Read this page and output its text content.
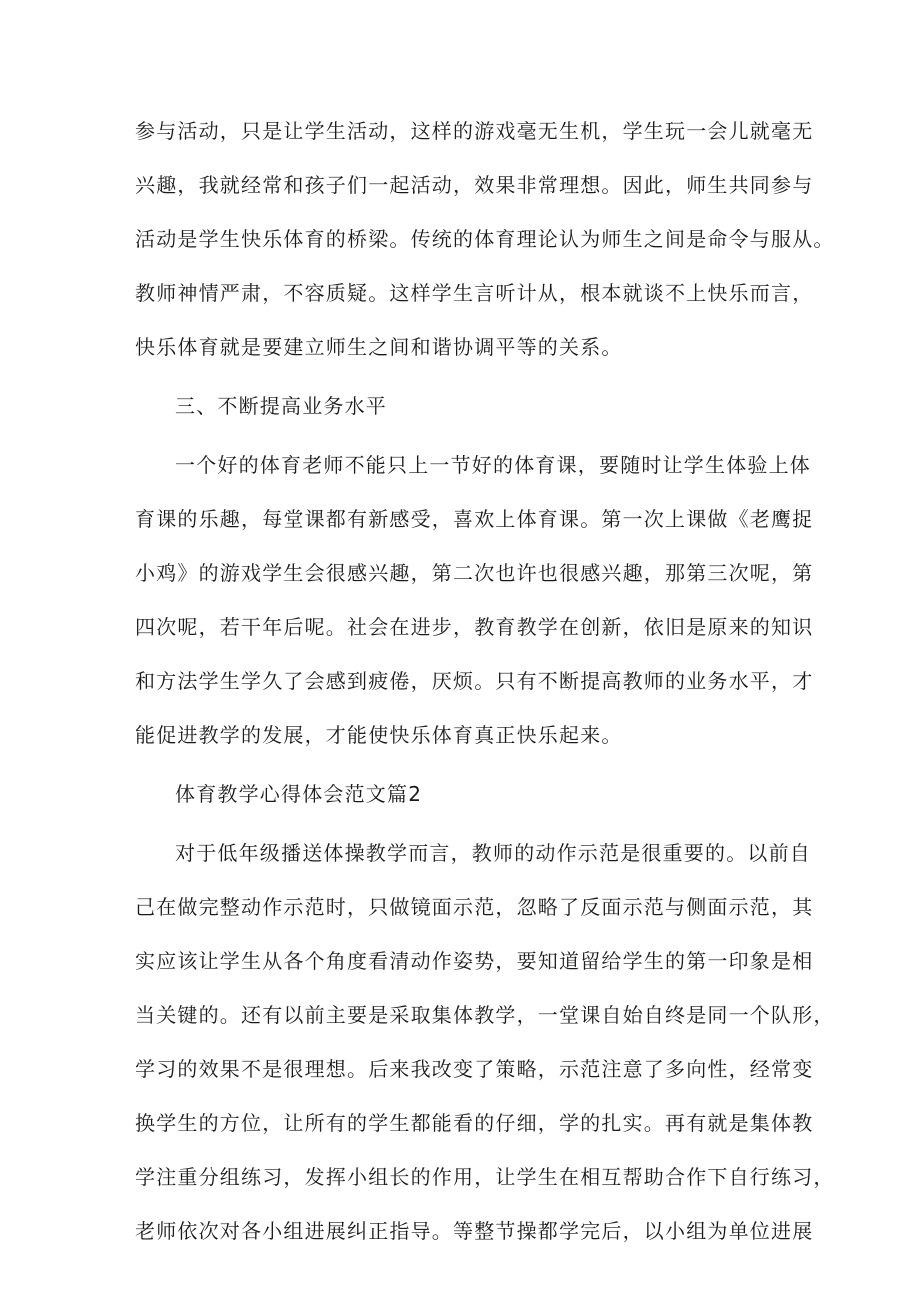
参与活动，只是让学生活动，这样的游戏毫无生机，学生玩一会儿就毫无
兴趣，我就经常和孩子们一起活动，效果非常理想。因此，师生共同参与
活动是学生快乐体育的桥梁。传统的体育理论认为师生之间是命令与服从。
教师神情严肃，不容质疑。这样学生言听计从，根本就谈不上快乐而言，
快乐体育就是要建立师生之间和谐协调平等的关系。
三、不断提高业务水平
一个好的体育老师不能只上一节好的体育课，要随时让学生体验上体
育课的乐趣，每堂课都有新感受，喜欢上体育课。第一次上课做《老鹰捉
小鸡》的游戏学生会很感兴趣，第二次也许也很感兴趣，那第三次呢，第
四次呢，若干年后呢。社会在进步，教育教学在创新，依旧是原来的知识
和方法学生学久了会感到疲倦，厌烦。只有不断提高教师的业务水平，才
能促进教学的发展，才能使快乐体育真正快乐起来。
体育教学心得体会范文篇2
对于低年级播送体操教学而言，教师的动作示范是很重要的。以前自
己在做完整动作示范时，只做镜面示范，忽略了反面示范与侧面示范，其
实应该让学生从各个角度看清动作姿势，要知道留给学生的第一印象是相
当关键的。还有以前主要是采取集体教学，一堂课自始自终是同一个队形，
学习的效果不是很理想。后来我改变了策略，示范注意了多向性，经常变
换学生的方位，让所有的学生都能看的仔细，学的扎实。再有就是集体教
学注重分组练习，发挥小组长的作用，让学生在相互帮助合作下自行练习，
老师依次对各小组进展纠正指导。等整节操都学完后，以小组为单位进展
